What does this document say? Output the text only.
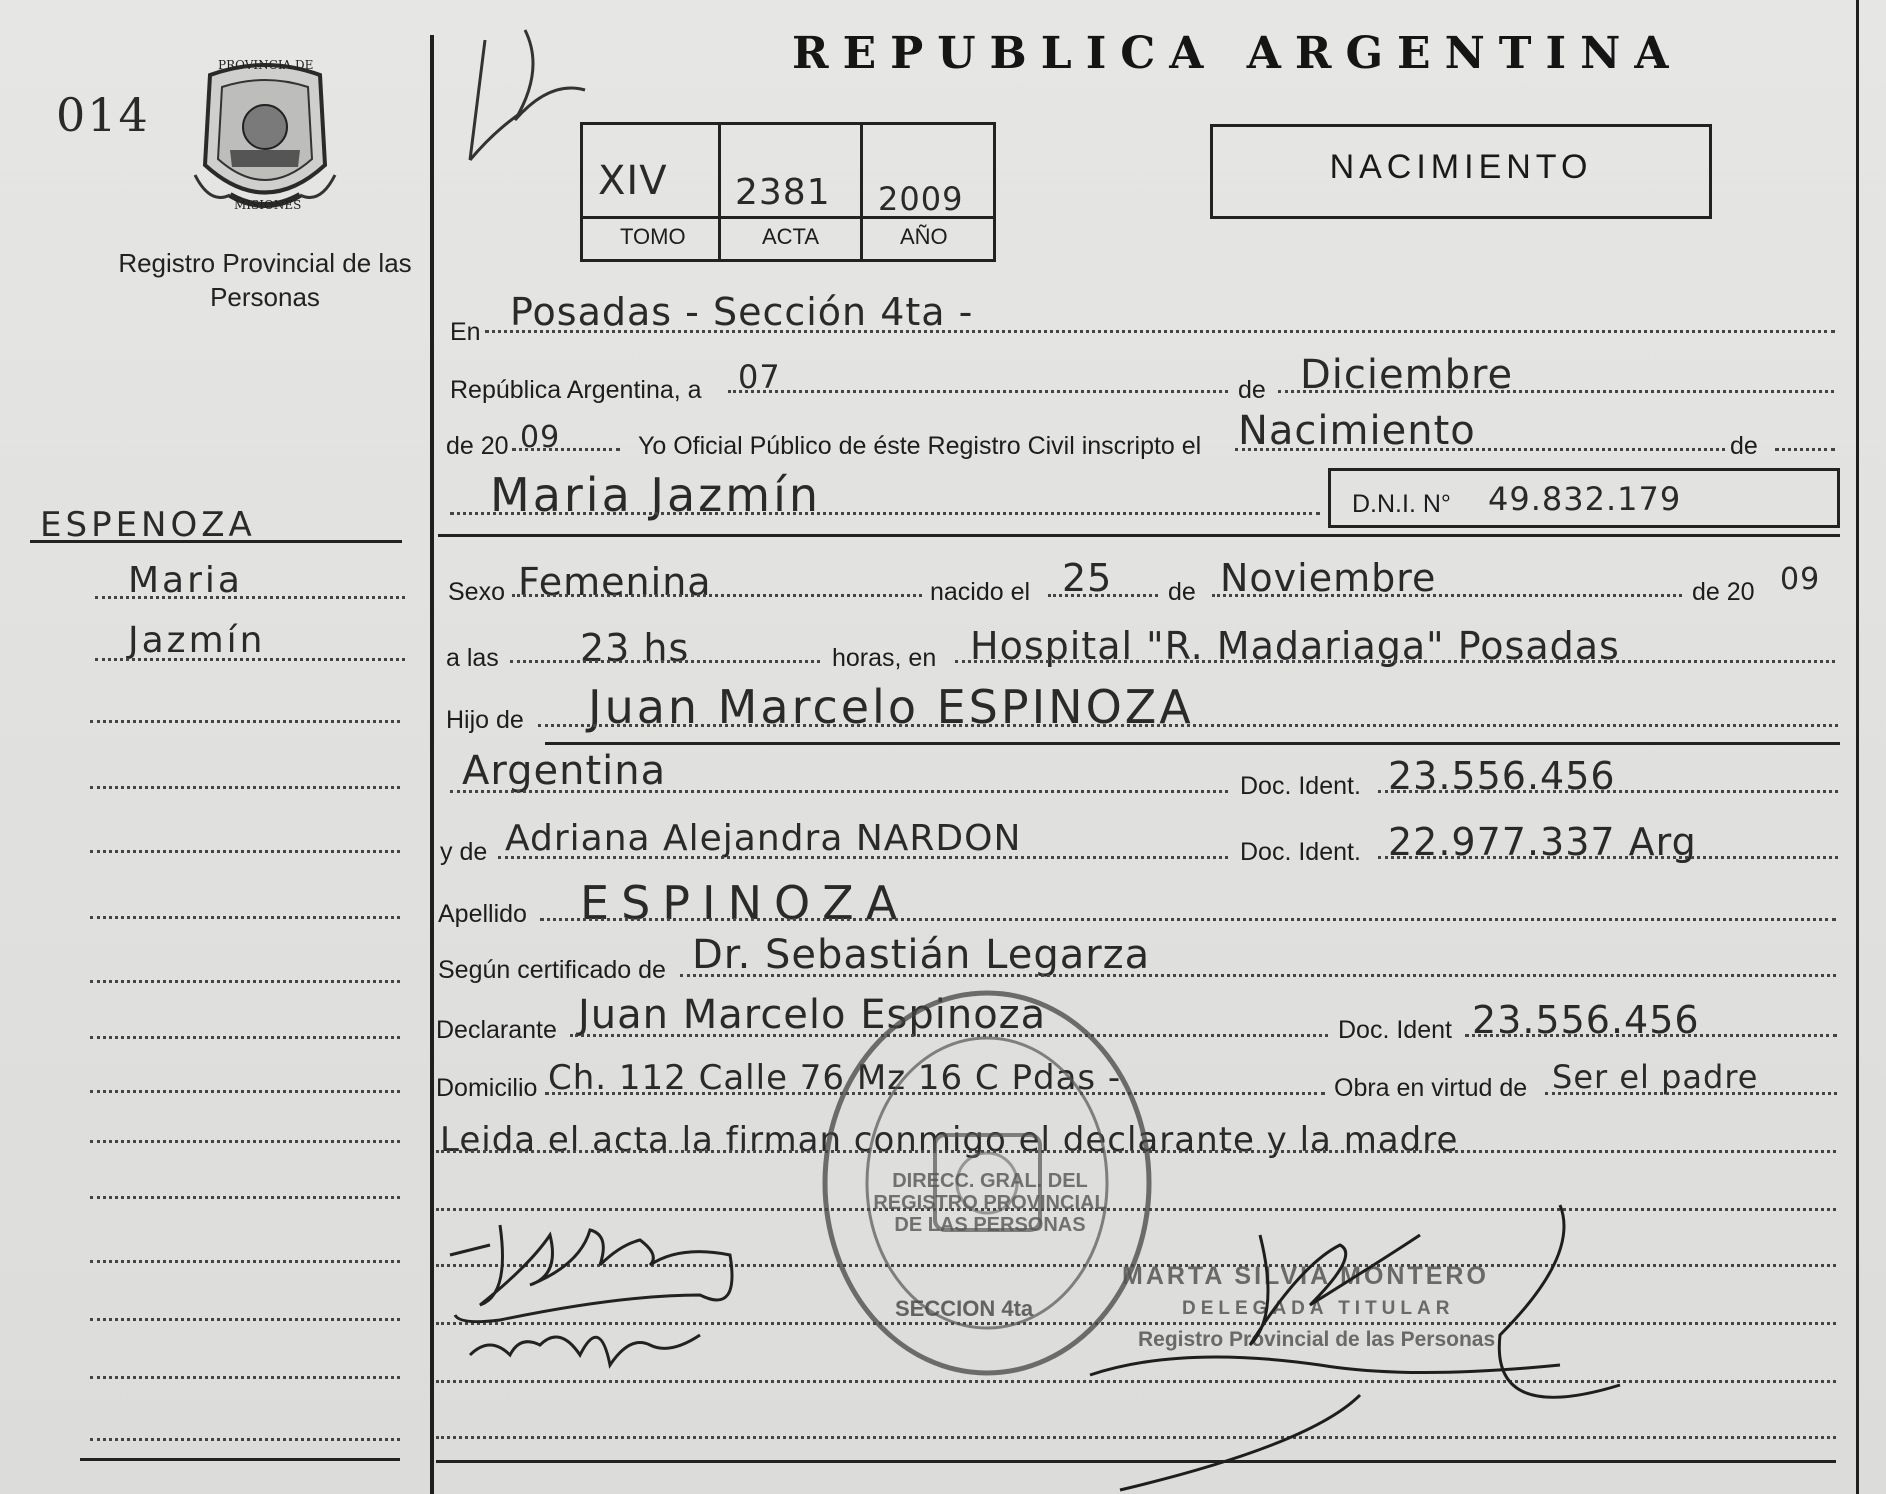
014
PROVINCIA DE
MISIONES
Registro Provincial de las Personas
REPUBLICA ARGENTINA
XIV 2381 2009
TOMO	ACTA	AÑO
NACIMIENTO
ESPENOZA
Maria
Jazmín
En Posadas - Sección 4ta -
República Argentina, a 07	de Diciembre
de 20 09	Yo Oficial Público de éste Registro Civil inscripto el Nacimiento	de
Maria Jazmín	D.N.I. N° 49.832.179
Sexo Femenina	nacido el 25 de Noviembre	de 20 09
a las 23 hs	horas, en Hospital "R. Madariaga" Posadas
Hijo de Juan Marcelo ESPINOZA
Argentina	Doc. Ident. 23.556.456
y de Adriana Alejandra NARDON	Doc. Ident. 22.977.337 Arg
Apellido ESPINOZA
Según certificado de Dr. Sebastián Legarza
Declarante Juan Marcelo Espinoza	Doc. Ident 23.556.456
Domicilio Ch. 112 Calle 76 Mz 16 C Pdas -	Obra en virtud de Ser el padre
Leida el acta la firman conmigo el declarante y la madre
DIRECC. GRAL. DEL REGISTRO PROVINCIAL DE LAS PERSONAS
SECCION 4ta
MARTA SILVIA MONTERO
DELEGADA TITULAR
Registro Provincial de las Personas
